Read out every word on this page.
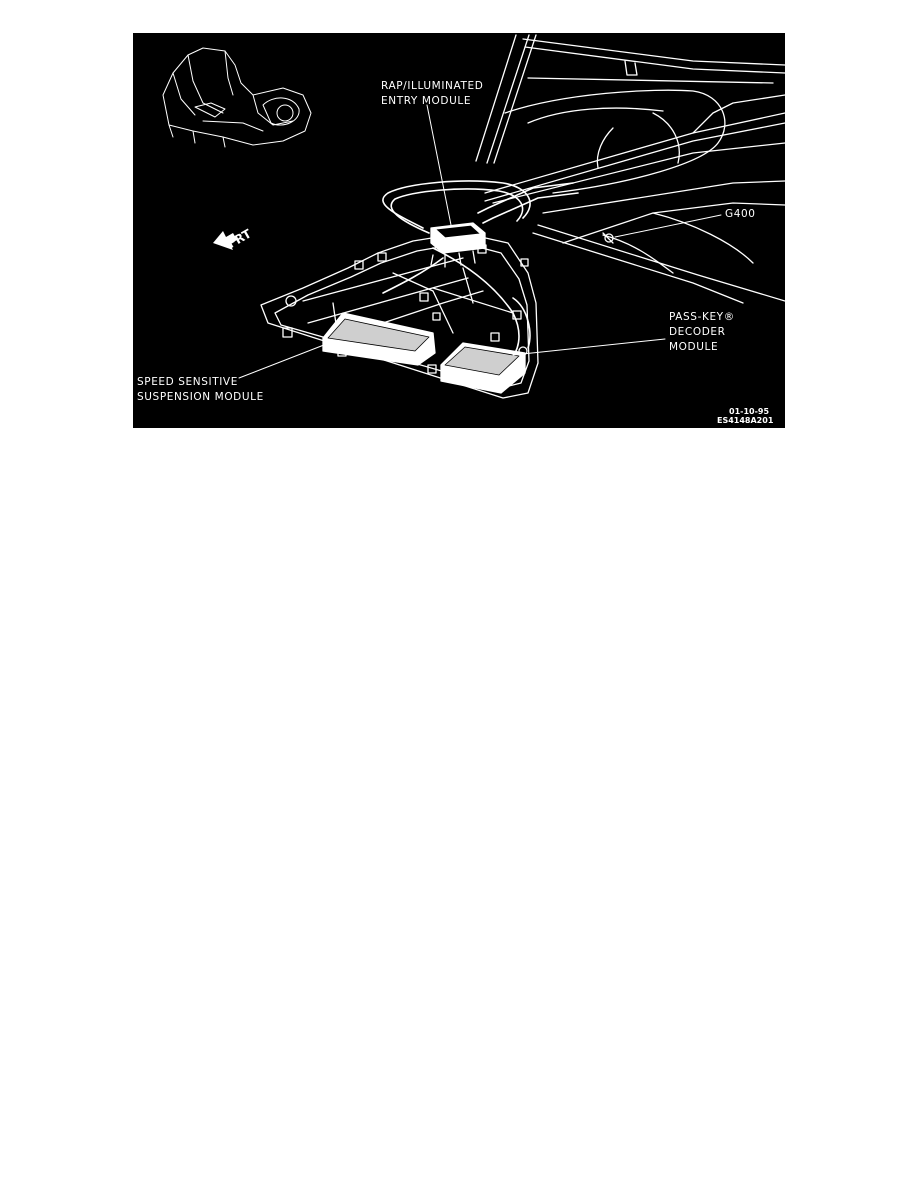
RAP/ILLUMINATED
ENTRY MODULE
G400
PASS-KEY®
DECODER
MODULE
SPEED SENSITIVE
SUSPENSION MODULE
FRT
01-10-95
ES4148A201
